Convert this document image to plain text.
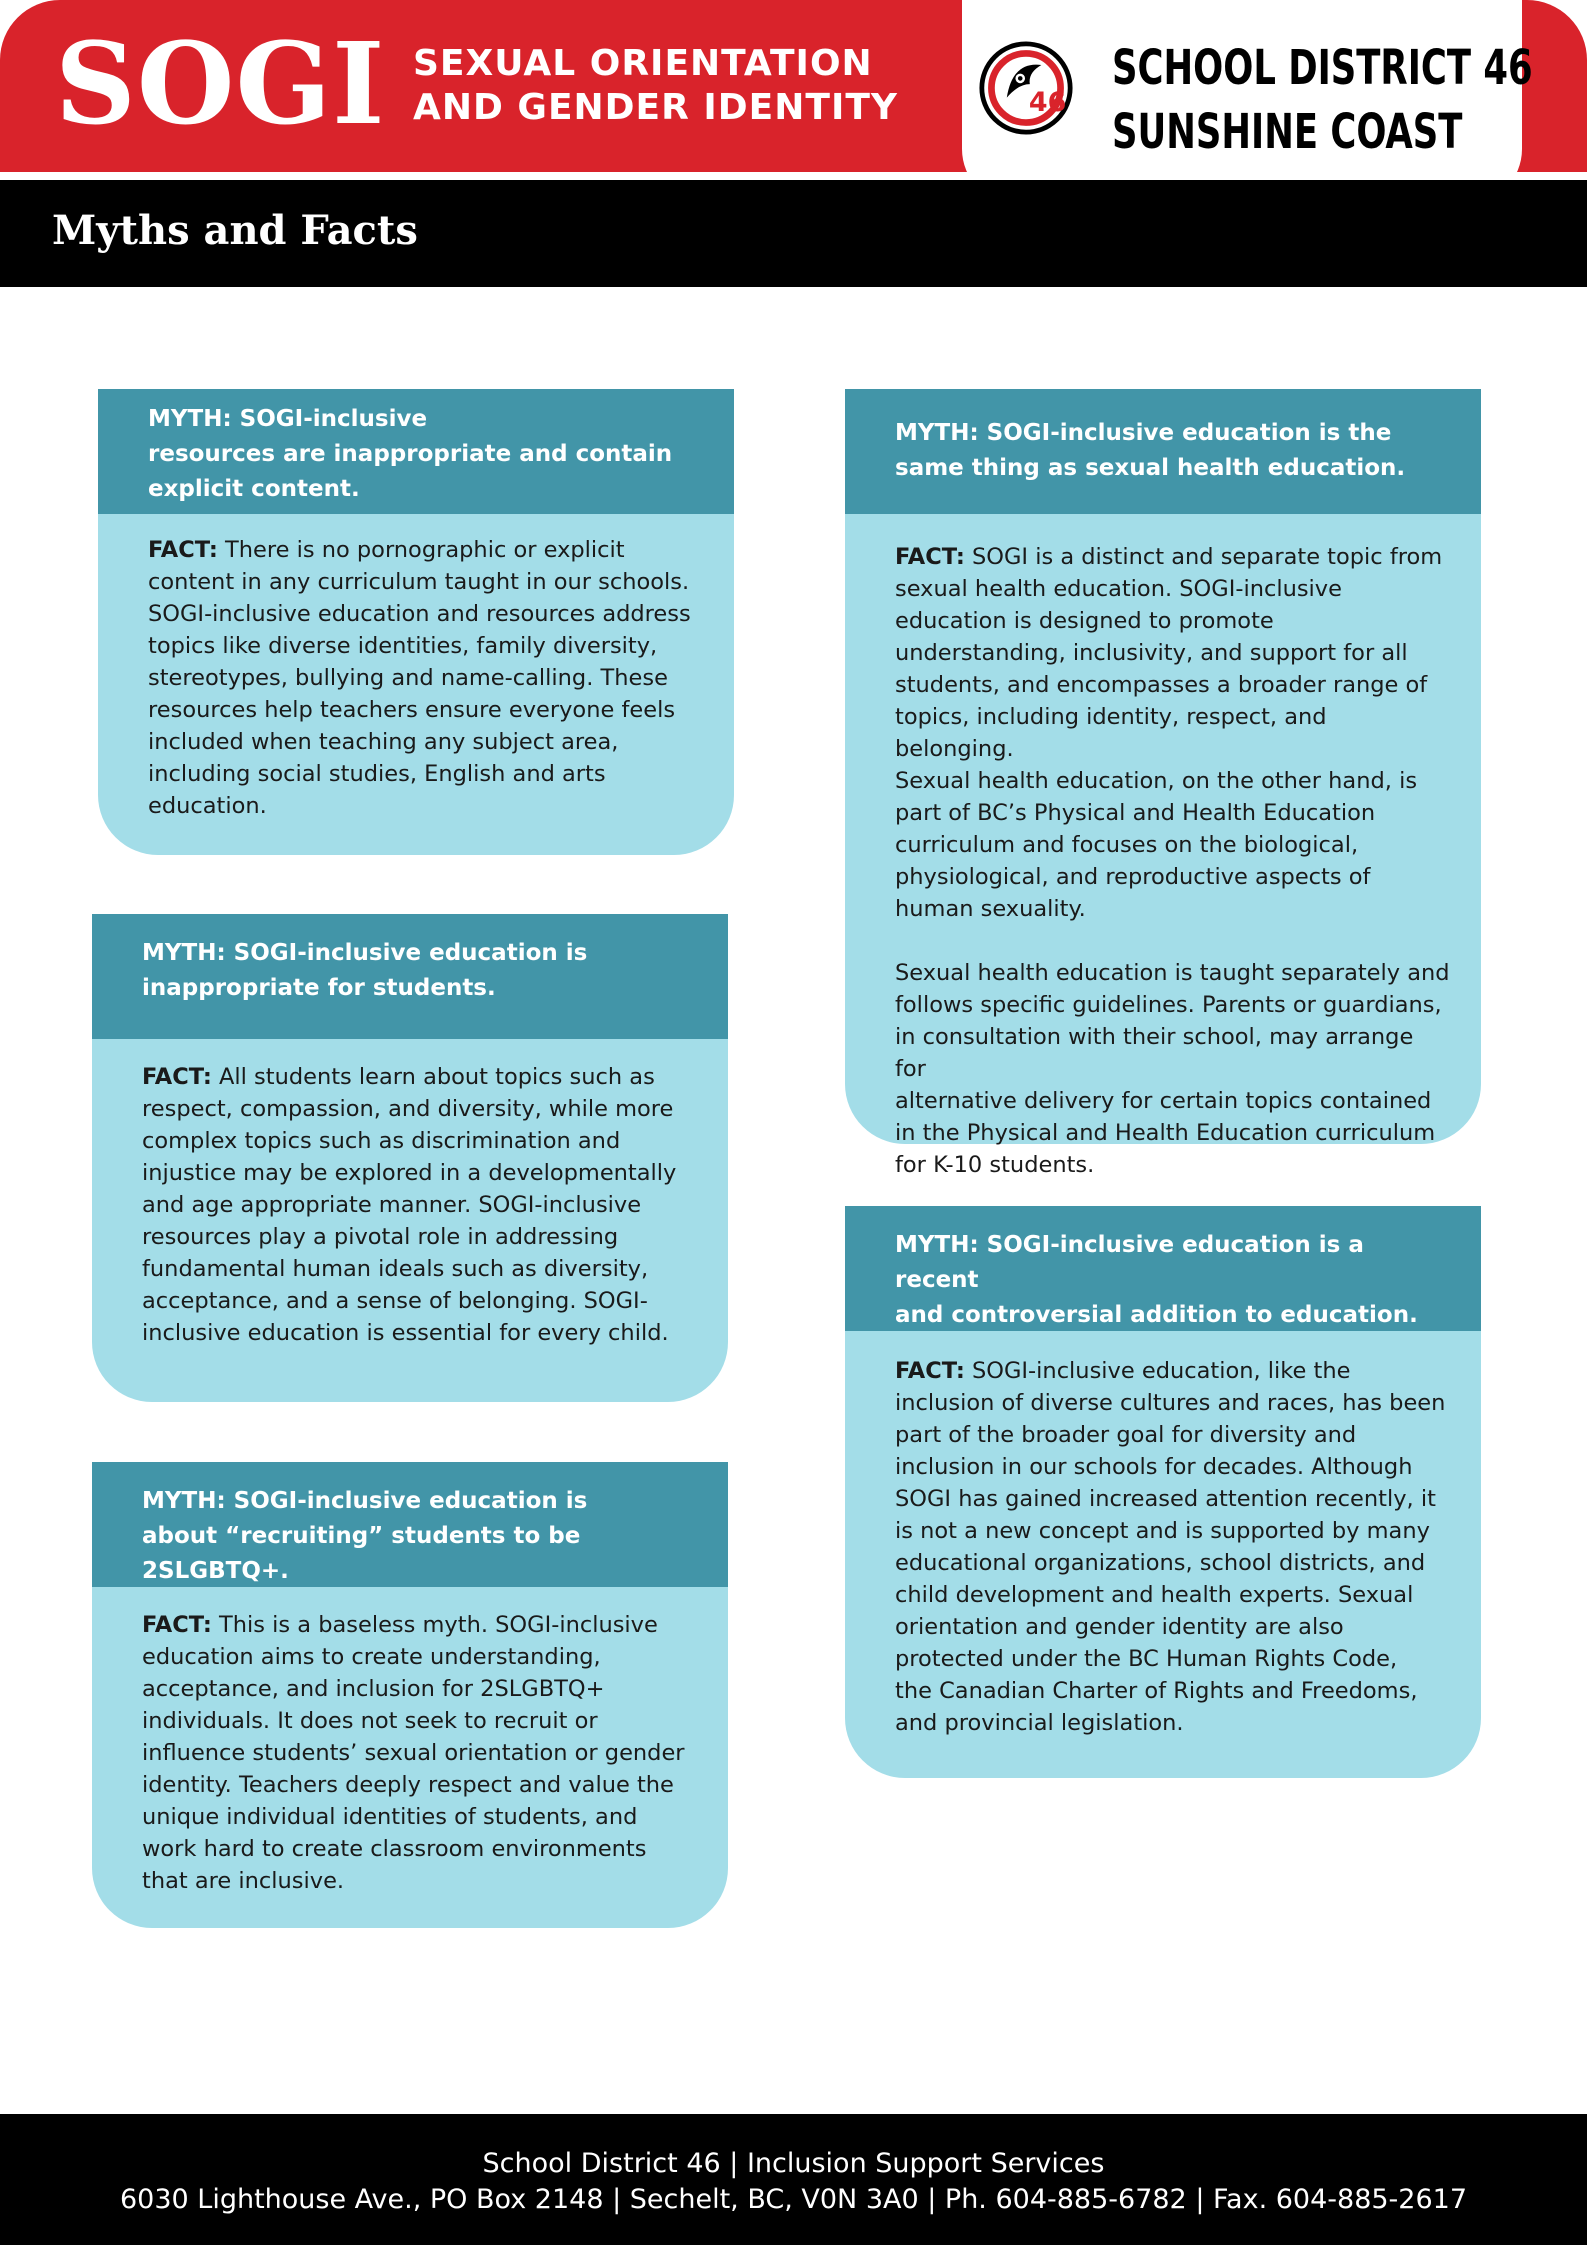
SOGI SEXUAL ORIENTATION
AND GENDER IDENTITY	46
SCHOOL DISTRICT 46
SUNSHINE COAST
Myths and Facts
MYTH: SOGI-inclusive
resources are inappropriate and contain
explicit content.
FACT: There is no pornographic or explicit
content in any curriculum taught in our schools.
SOGI-inclusive education and resources address
topics like diverse identities, family diversity,
stereotypes, bullying and name-calling. These
resources help teachers ensure everyone feels
included when teaching any subject area,
including social studies, English and arts
education.
MYTH: SOGI-inclusive education is
inappropriate for students.
FACT: All students learn about topics such as
respect, compassion, and diversity, while more
complex topics such as discrimination and
injustice may be explored in a developmentally
and age appropriate manner. SOGI-inclusive
resources play a pivotal role in addressing
fundamental human ideals such as diversity,
acceptance, and a sense of belonging. SOGI-
inclusive education is essential for every child.
MYTH: SOGI-inclusive education is
about “recruiting” students to be 2SLGBTQ+.
FACT: This is a baseless myth. SOGI-inclusive
education aims to create understanding,
acceptance, and inclusion for 2SLGBTQ+
individuals. It does not seek to recruit or
influence students’ sexual orientation or gender
identity. Teachers deeply respect and value the
unique individual identities of students, and
work hard to create classroom environments
that are inclusive.
MYTH: SOGI-inclusive education is the
same thing as sexual health education.
FACT: SOGI is a distinct and separate topic from
sexual health education. SOGI-inclusive
education is designed to promote
understanding, inclusivity, and support for all
students, and encompasses a broader range of
topics, including identity, respect, and belonging.
Sexual health education, on the other hand, is
part of BC’s Physical and Health Education
curriculum and focuses on the biological,
physiological, and reproductive aspects of
human sexuality.
Sexual health education is taught separately and
follows specific guidelines. Parents or guardians,
in consultation with their school, may arrange for
alternative delivery for certain topics contained
in the Physical and Health Education curriculum
for K-10 students.
MYTH: SOGI-inclusive education is a recent
and controversial addition to education.
FACT: SOGI-inclusive education, like the
inclusion of diverse cultures and races, has been
part of the broader goal for diversity and
inclusion in our schools for decades. Although
SOGI has gained increased attention recently, it
is not a new concept and is supported by many
educational organizations, school districts, and
child development and health experts. Sexual
orientation and gender identity are also
protected under the BC Human Rights Code,
the Canadian Charter of Rights and Freedoms,
and provincial legislation.
School District 46 | Inclusion Support Services
6030 Lighthouse Ave., PO Box 2148 | Sechelt, BC, V0N 3A0 | Ph. 604-885-6782 | Fax. 604-885-2617
